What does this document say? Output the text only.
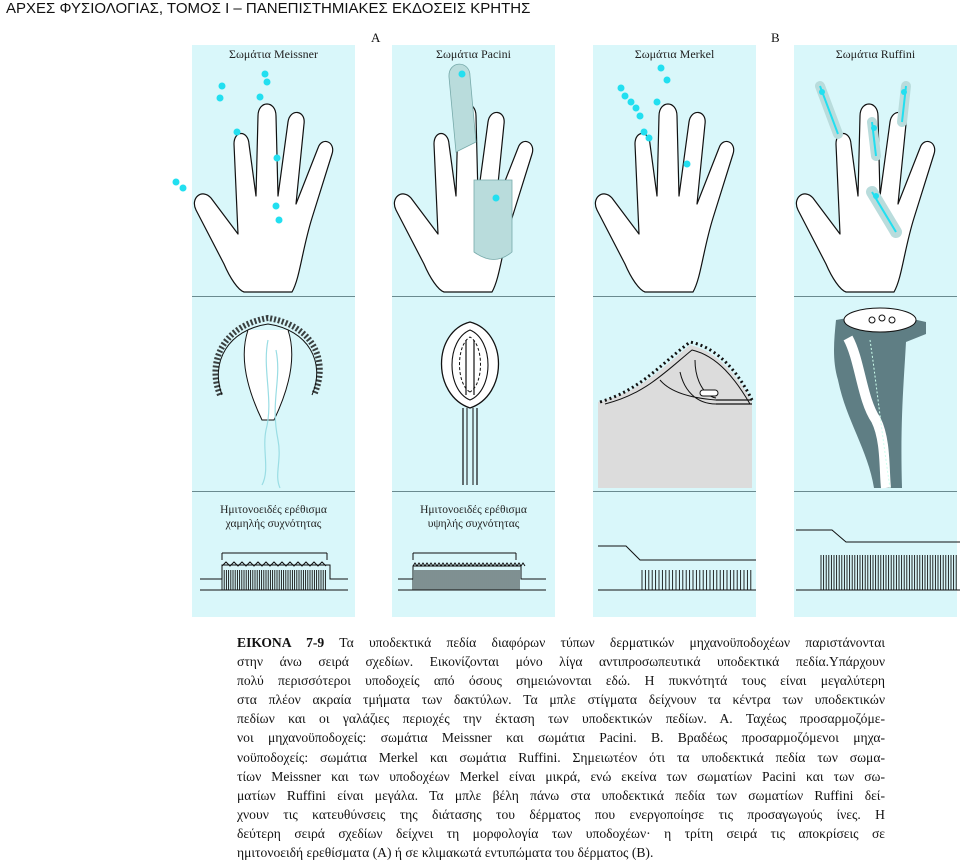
ΑΡΧΕΣ ΦΥΣΙΟΛΟΓΙΑΣ, ΤΟΜΟΣ Ι – ΠΑΝΕΠΙΣΤΗΜΙΑΚΕΣ ΕΚΔΟΣΕΙΣ ΚΡΗΤΗΣ
Α	Β
Σωμάτια Meissner	Σωμάτια Pacini	Σωμάτια Merkel	Σωμάτια Ruffini
Ημιτονοειδές ερέθισμα
χαμηλής συχνότητας
Ημιτονοειδές ερέθισμα
υψηλής συχνότητας
ΕΙΚΟΝΑ 7-9 Τα υποδεκτικά πεδία διαφόρων τύπων δερματικών μηχανοϋποδοχέων παριστάνονται
στην άνω σειρά σχεδίων. Εικονίζονται μόνο λίγα αντιπροσωπευτικά υποδεκτικά πεδία.Υπάρχουν
πολύ περισσότεροι υποδοχείς από όσους σημειώνονται εδώ. Η πυκνότητά τους είναι μεγαλύτερη
στα πλέον ακραία τμήματα των δακτύλων. Τα μπλε στίγματα δείχνουν τα κέντρα των υποδεκτικών
πεδίων και οι γαλάζιες περιοχές την έκταση των υποδεκτικών πεδίων. Α. Ταχέως προσαρμοζόμε-
νοι μηχανοϋποδοχείς: σωμάτια Meissner και σωμάτια Pacini. Β. Βραδέως προσαρμοζόμενοι μηχα-
νοϋποδοχείς: σωμάτια Merkel και σωμάτια Ruffini. Σημειωτέον ότι τα υποδεκτικά πεδία των σωμα-
τίων Meissner και των υποδοχέων Merkel είναι μικρά, ενώ εκείνα των σωματίων Pacini και των σω-
ματίων Ruffini είναι μεγάλα. Τα μπλε βέλη πάνω στα υποδεκτικά πεδία των σωματίων Ruffini δεί-
χνουν τις κατευθύνσεις της διάτασης του δέρματος που ενεργοποίησε τις προσαγωγούς ίνες. Η
δεύτερη σειρά σχεδίων δείχνει τη μορφολογία των υποδοχέων· η τρίτη σειρά τις αποκρίσεις σε
ημιτονοειδή ερεθίσματα (Α) ή σε κλιμακωτά εντυπώματα του δέρματος (Β).
